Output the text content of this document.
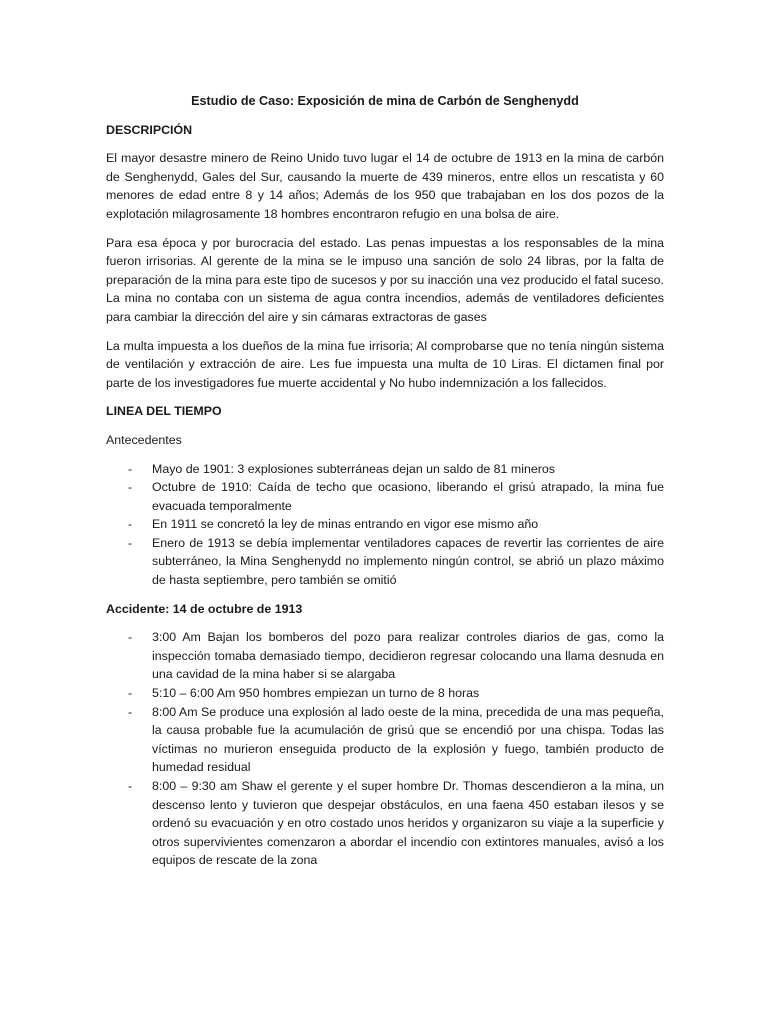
Estudio de Caso: Exposición de mina de Carbón de Senghenydd
DESCRIPCIÓN

El mayor desastre minero de Reino Unido tuvo lugar el 14 de octubre de 1913 en la mina de carbón de Senghenydd, Gales del Sur, causando la muerte de 439 mineros, entre ellos un rescatista y 60 menores de edad entre 8 y 14 años; Además de los 950 que trabajaban en los dos pozos de la explotación milagrosamente 18 hombres encontraron refugio en una bolsa de aire.

Para esa época y por burocracia del estado. Las penas impuestas a los responsables de la mina fueron irrisorias. Al gerente de la mina se le impuso una sanción de solo 24 libras, por la falta de preparación de la mina para este tipo de sucesos y por su inacción una vez producido el fatal suceso. La mina no contaba con un sistema de agua contra incendios, además de ventiladores deficientes para cambiar la dirección del aire y sin cámaras extractoras de gases

La multa impuesta a los dueños de la mina fue irrisoria; Al comprobarse que no tenía ningún sistema de ventilación y extracción de aire. Les fue impuesta una multa de 10 Liras. El dictamen final por parte de los investigadores fue muerte accidental y No hubo indemnización a los fallecidos.

LINEA DEL TIEMPO
Antecedentes
- Mayo de 1901: 3 explosiones subterráneas dejan un saldo de 81 mineros
- Octubre de 1910: Caída de techo que ocasiono, liberando el grisú atrapado, la mina fue evacuada temporalmente
- En 1911 se concretó la ley de minas entrando en vigor ese mismo año
- Enero de 1913 se debía implementar ventiladores capaces de revertir las corrientes de aire subterráneo, la Mina Senghenydd no implemento ningún control, se abrió un plazo máximo de hasta septiembre, pero también se omitió
Accidente: 14 de octubre de 1913
- 3:00 Am Bajan los bomberos del pozo para realizar controles diarios de gas, como la inspección tomaba demasiado tiempo, decidieron regresar colocando una llama desnuda en una cavidad de la mina haber si se alargaba
- 5:10 – 6:00 Am 950 hombres empiezan un turno de 8 horas
- 8:00 Am Se produce una explosión al lado oeste de la mina, precedida de una mas pequeña, la causa probable fue la acumulación de grisú que se encendió por una chispa. Todas las víctimas no murieron enseguida producto de la explosión y fuego, también producto de humedad residual
- 8:00 – 9:30 am Shaw el gerente y el super hombre Dr. Thomas descendieron a la mina, un descenso lento y tuvieron que despejar obstáculos, en una faena 450 estaban ilesos y se ordenó su evacuación y en otro costado unos heridos y organizaron su viaje a la superficie y otros supervivientes comenzaron a abordar el incendio con extintores manuales, avisó a los equipos de rescate de la zona
